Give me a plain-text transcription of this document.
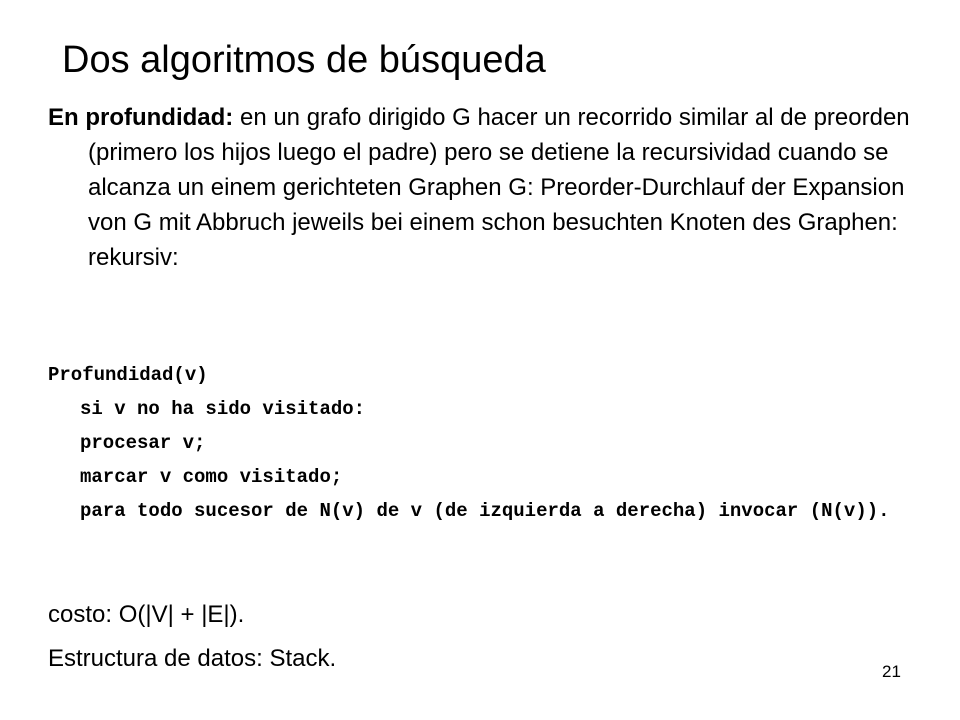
Dos algoritmos de búsqueda
En profundidad: en un grafo dirigido G hacer un recorrido similar al de preorden (primero los hijos luego el padre) pero se detiene la recursividad cuando se alcanza un einem gerichteten Graphen G: Preorder-Durchlauf der Expansion von G mit Abbruch jeweils bei einem schon besuchten Knoten des Graphen: rekursiv:
Profundidad(v)
si v no ha sido visitado:
procesar v;
marcar v como visitado;
para todo sucesor de N(v) de v (de izquierda a derecha) invocar (N(v)).
costo: O(|V| + |E|).
Estructura de datos: Stack.	21
